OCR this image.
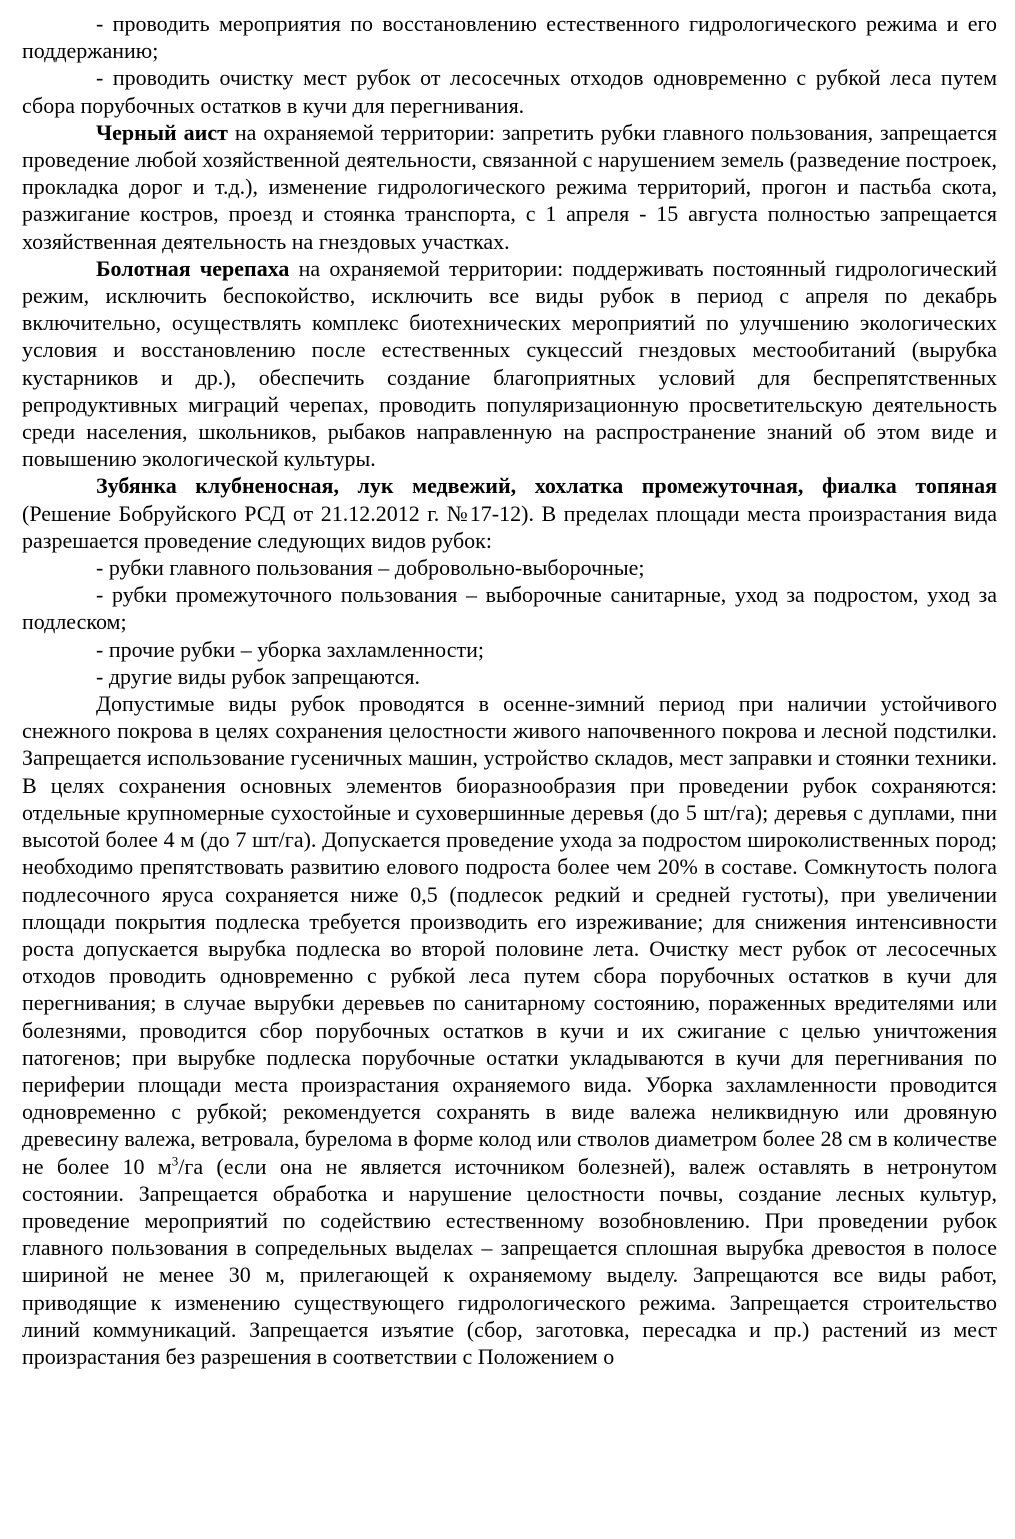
- проводить мероприятия по восстановлению естественного гидрологического режима и его поддержанию;

- проводить очистку мест рубок от лесосечных отходов одновременно с рубкой леса путем сбора порубочных остатков в кучи для перегнивания.

Черный аист на охраняемой территории: запретить рубки главного пользования, запрещается проведение любой хозяйственной деятельности, связанной с нарушением земель (разведение построек, прокладка дорог и т.д.), изменение гидрологического режима территорий, прогон и пастьба скота, разжигание костров, проезд и стоянка транспорта, с 1 апреля - 15 августа полностью запрещается хозяйственная деятельность на гнездовых участках.

Болотная черепаха на охраняемой территории: поддерживать постоянный гидрологический режим, исключить беспокойство, исключить все виды рубок в период с апреля по декабрь включительно, осуществлять комплекс биотехнических мероприятий по улучшению экологических условия и восстановлению после естественных сукцессий гнездовых местообитаний (вырубка кустарников и др.), обеспечить создание благоприятных условий для беспрепятственных репродуктивных миграций черепах, проводить популяризационную просветительскую деятельность среди населения, школьников, рыбаков направленную на распространение знаний об этом виде и повышению экологической культуры.

Зубянка клубненосная, лук медвежий, хохлатка промежуточная, фиалка топяная (Решение Бобруйского РСД от 21.12.2012 г. №17-12). В пределах площади места произрастания вида разрешается проведение следующих видов рубок:

- рубки главного пользования – добровольно-выборочные;

- рубки промежуточного пользования – выборочные санитарные, уход за подростом, уход за подлеском;

- прочие рубки – уборка захламленности;

- другие виды рубок запрещаются.

Допустимые виды рубок проводятся в осенне-зимний период при наличии устойчивого снежного покрова в целях сохранения целостности живого напочвенного покрова и лесной подстилки. Запрещается использование гусеничных машин, устройство складов, мест заправки и стоянки техники. В целях сохранения основных элементов биоразнообразия при проведении рубок сохраняются: отдельные крупномерные сухостойные и суховершинные деревья (до 5 шт/га); деревья с дуплами, пни высотой более 4 м (до 7 шт/га). Допускается проведение ухода за подростом широколиственных пород; необходимо препятствовать развитию елового подроста более чем 20% в составе. Сомкнутость полога подлесочного яруса сохраняется ниже 0,5 (подлесок редкий и средней густоты), при увеличении площади покрытия подлеска требуется производить его изреживание; для снижения интенсивности роста допускается вырубка подлеска во второй половине лета. Очистку мест рубок от лесосечных отходов проводить одновременно с рубкой леса путем сбора порубочных остатков в кучи для перегнивания; в случае вырубки деревьев по санитарному состоянию, пораженных вредителями или болезнями, проводится сбор порубочных остатков в кучи и их сжигание с целью уничтожения патогенов; при вырубке подлеска порубочные остатки укладываются в кучи для перегнивания по периферии площади места произрастания охраняемого вида. Уборка захламленности проводится одновременно с рубкой; рекомендуется сохранять в виде валежа неликвидную или дровяную древесину валежа, ветровала, бурелома в форме колод или стволов диаметром более 28 см в количестве не более 10 $м^3/га$ (если она не является источником болезней), валеж оставлять в нетронутом состоянии. Запрещается обработка и нарушение целостности почвы, создание лесных культур, проведение мероприятий по содействию естественному возобновлению. При проведении рубок главного пользования в сопредельных выделах – запрещается сплошная вырубка древостоя в полосе шириной не менее 30 м, прилегающей к охраняемому выделу. Запрещаются все виды работ, приводящие к изменению существующего гидрологического режима. Запрещается строительство линий коммуникаций. Запрещается изъятие (сбор, заготовка, пересадка и пр.) растений из мест произрастания без разрешения в соответствии с Положением о
